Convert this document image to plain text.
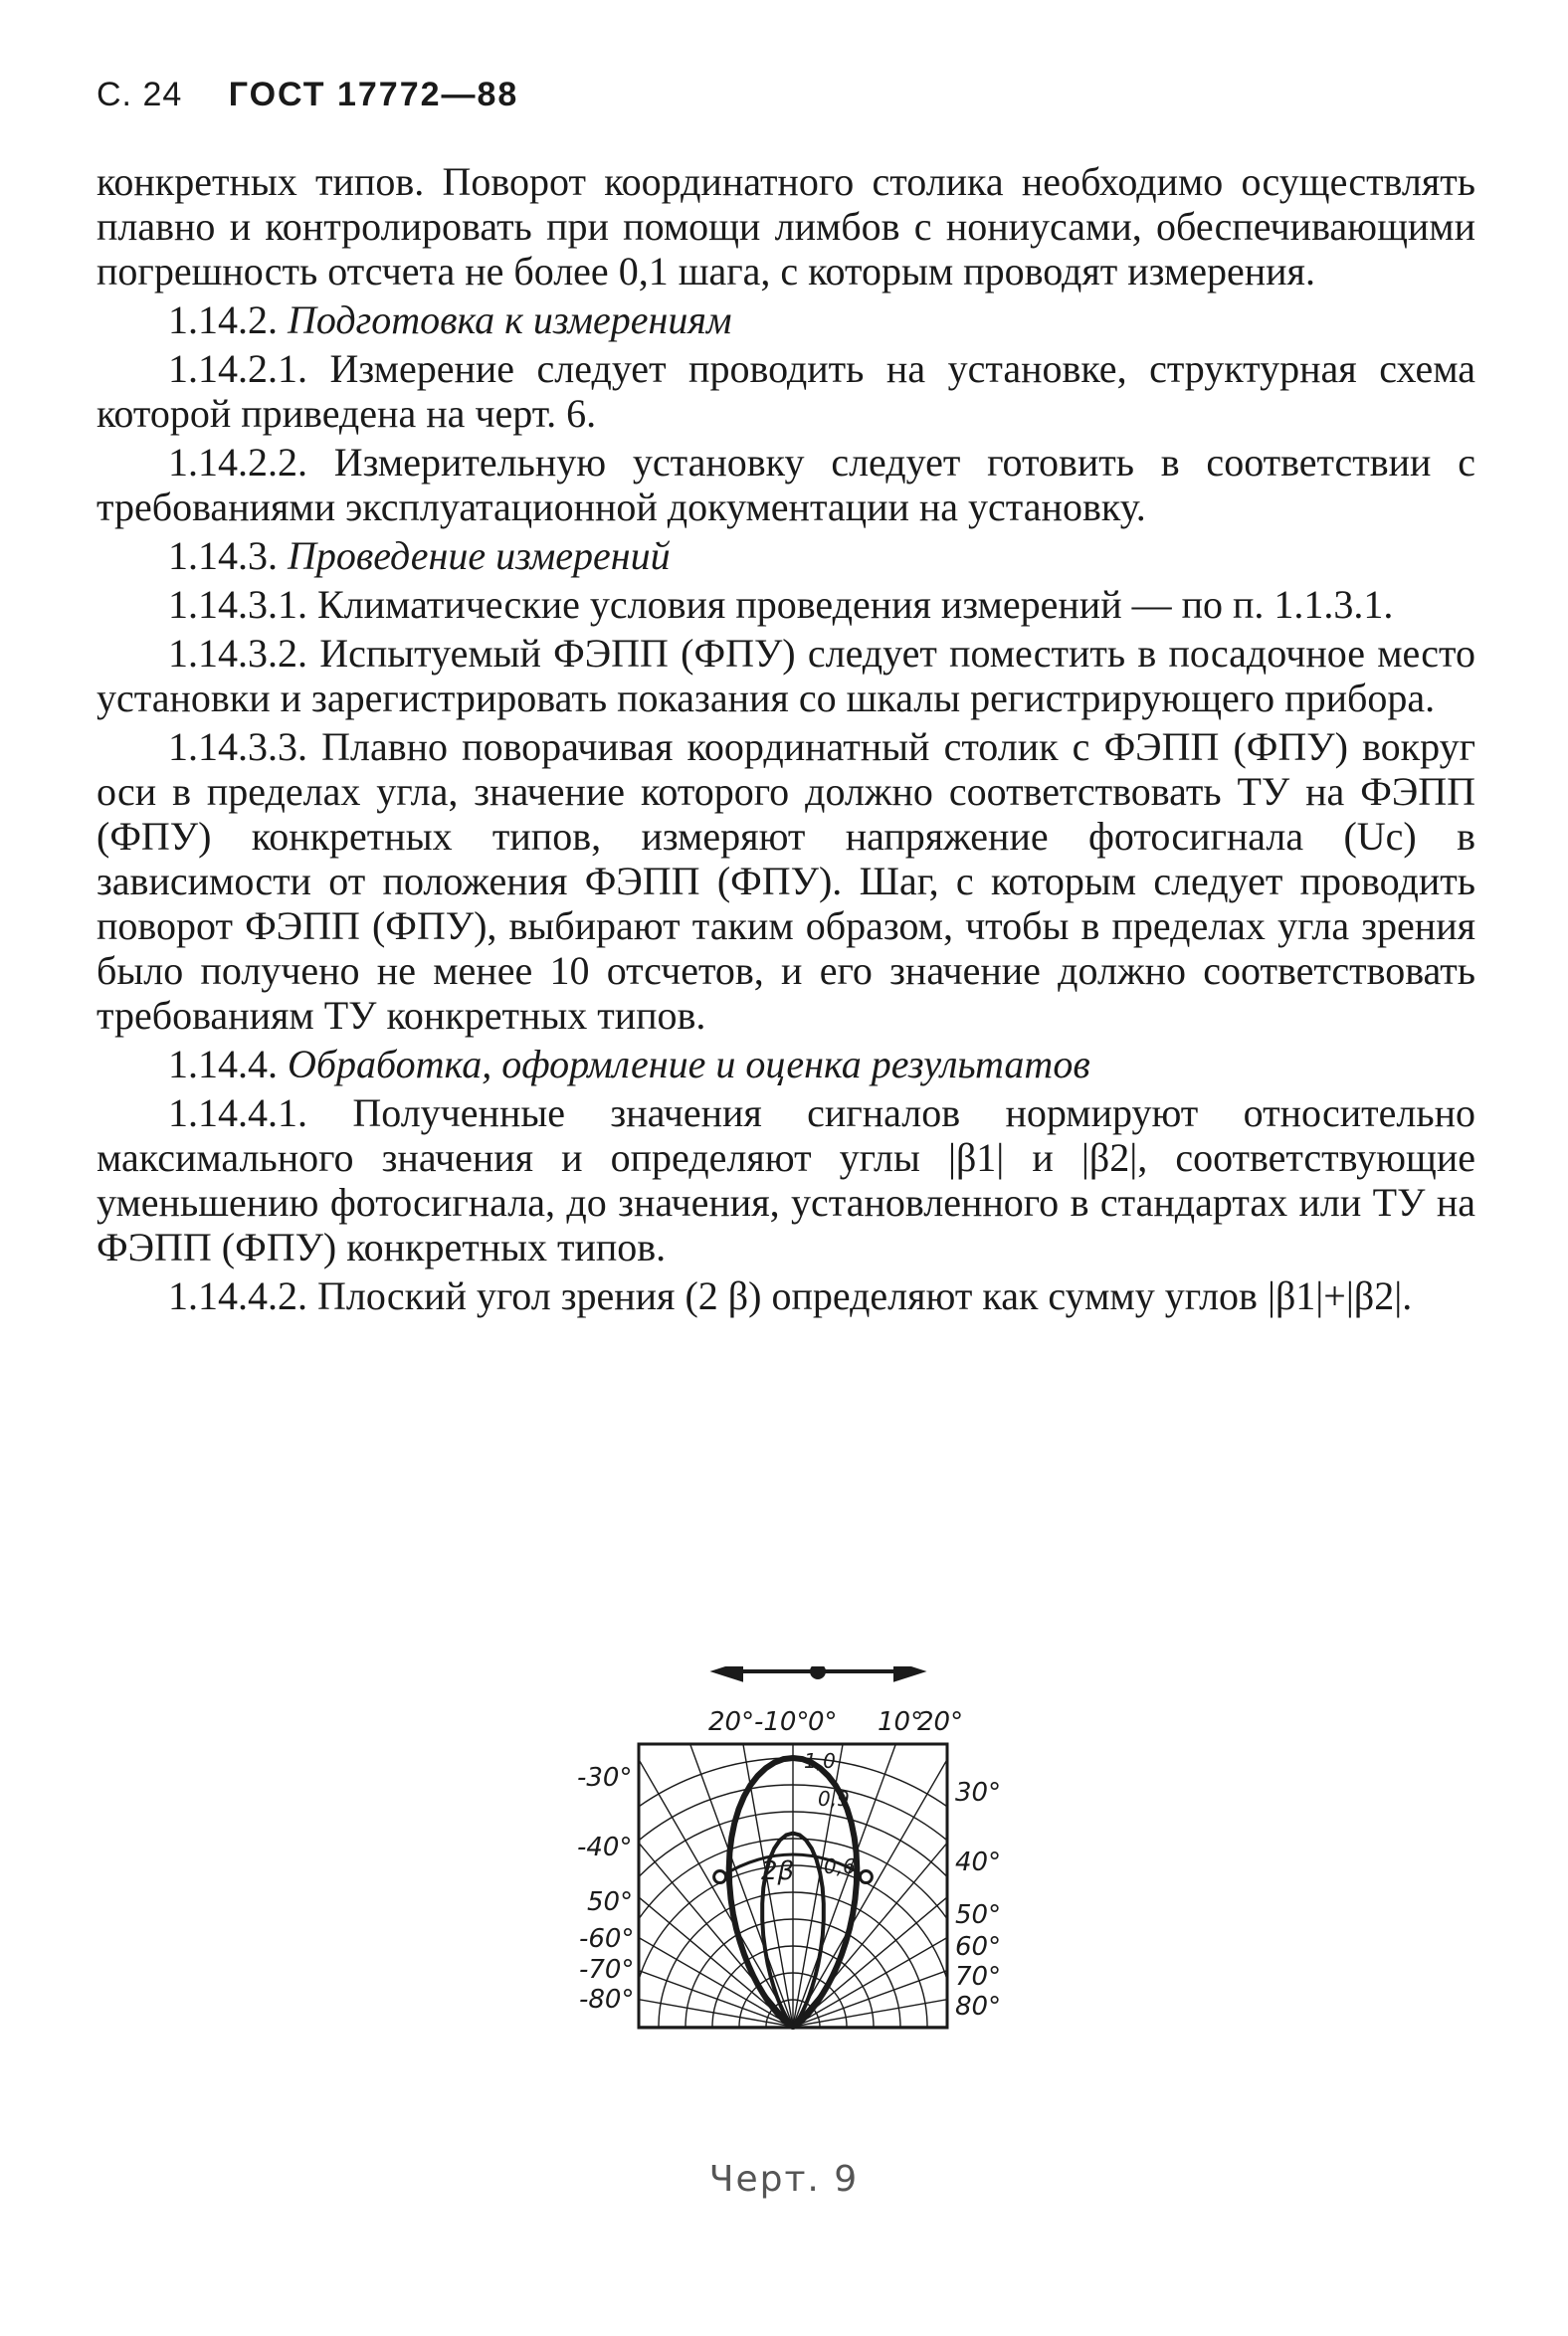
С. 24 ГОСТ 17772—88

конкретных типов. Поворот координатного столика необходимо осуществлять плавно и контролировать при помощи лимбов с нониусами, обеспечивающими погрешность отсчета не более 0,1 шага, с которым проводят измерения.

1.14.2. Подготовка к измерениям

1.14.2.1. Измерение следует проводить на установке, структурная схема которой приведена на черт. 6.

1.14.2.2. Измерительную установку следует готовить в соответствии с требованиями эксплуатационной документации на установку.

1.14.3. Проведение измерений

1.14.3.1. Климатические условия проведения измерений — по п. 1.1.3.1.

1.14.3.2. Испытуемый ФЭПП (ФПУ) следует поместить в посадочное место установки и зарегистрировать показания со шкалы регистрирующего прибора.

1.14.3.3. Плавно поворачивая координатный столик с ФЭПП (ФПУ) вокруг оси в пределах угла, значение которого должно соответствовать ТУ на ФЭПП (ФПУ) конкретных типов, измеряют напряжение фотосигнала (Uс) в зависимости от положения ФЭПП (ФПУ). Шаг, с которым следует проводить поворот ФЭПП (ФПУ), выбирают таким образом, чтобы в пределах угла зрения было получено не менее 10 отсчетов, и его значение должно соответствовать требованиям ТУ конкретных типов.

1.14.4. Обработка, оформление и оценка результатов

1.14.4.1. Полученные значения сигналов нормируют относительно максимального значения и определяют углы |β1| и |β2|, соответствующие уменьшению фотосигнала, до значения, установленного в стандартах или ТУ на ФЭПП (ФПУ) конкретных типов.

1.14.4.2. Плоский угол зрения (2 β) определяют как сумму углов |β1|+|β2|.

20° -10°
0° 10°
20°
-30°
-40°
50°
-60°
-70°
-80°
30°
40°
50°
60°
70°
80°
1,0
0,9
0,6
2β
Черт. 9
